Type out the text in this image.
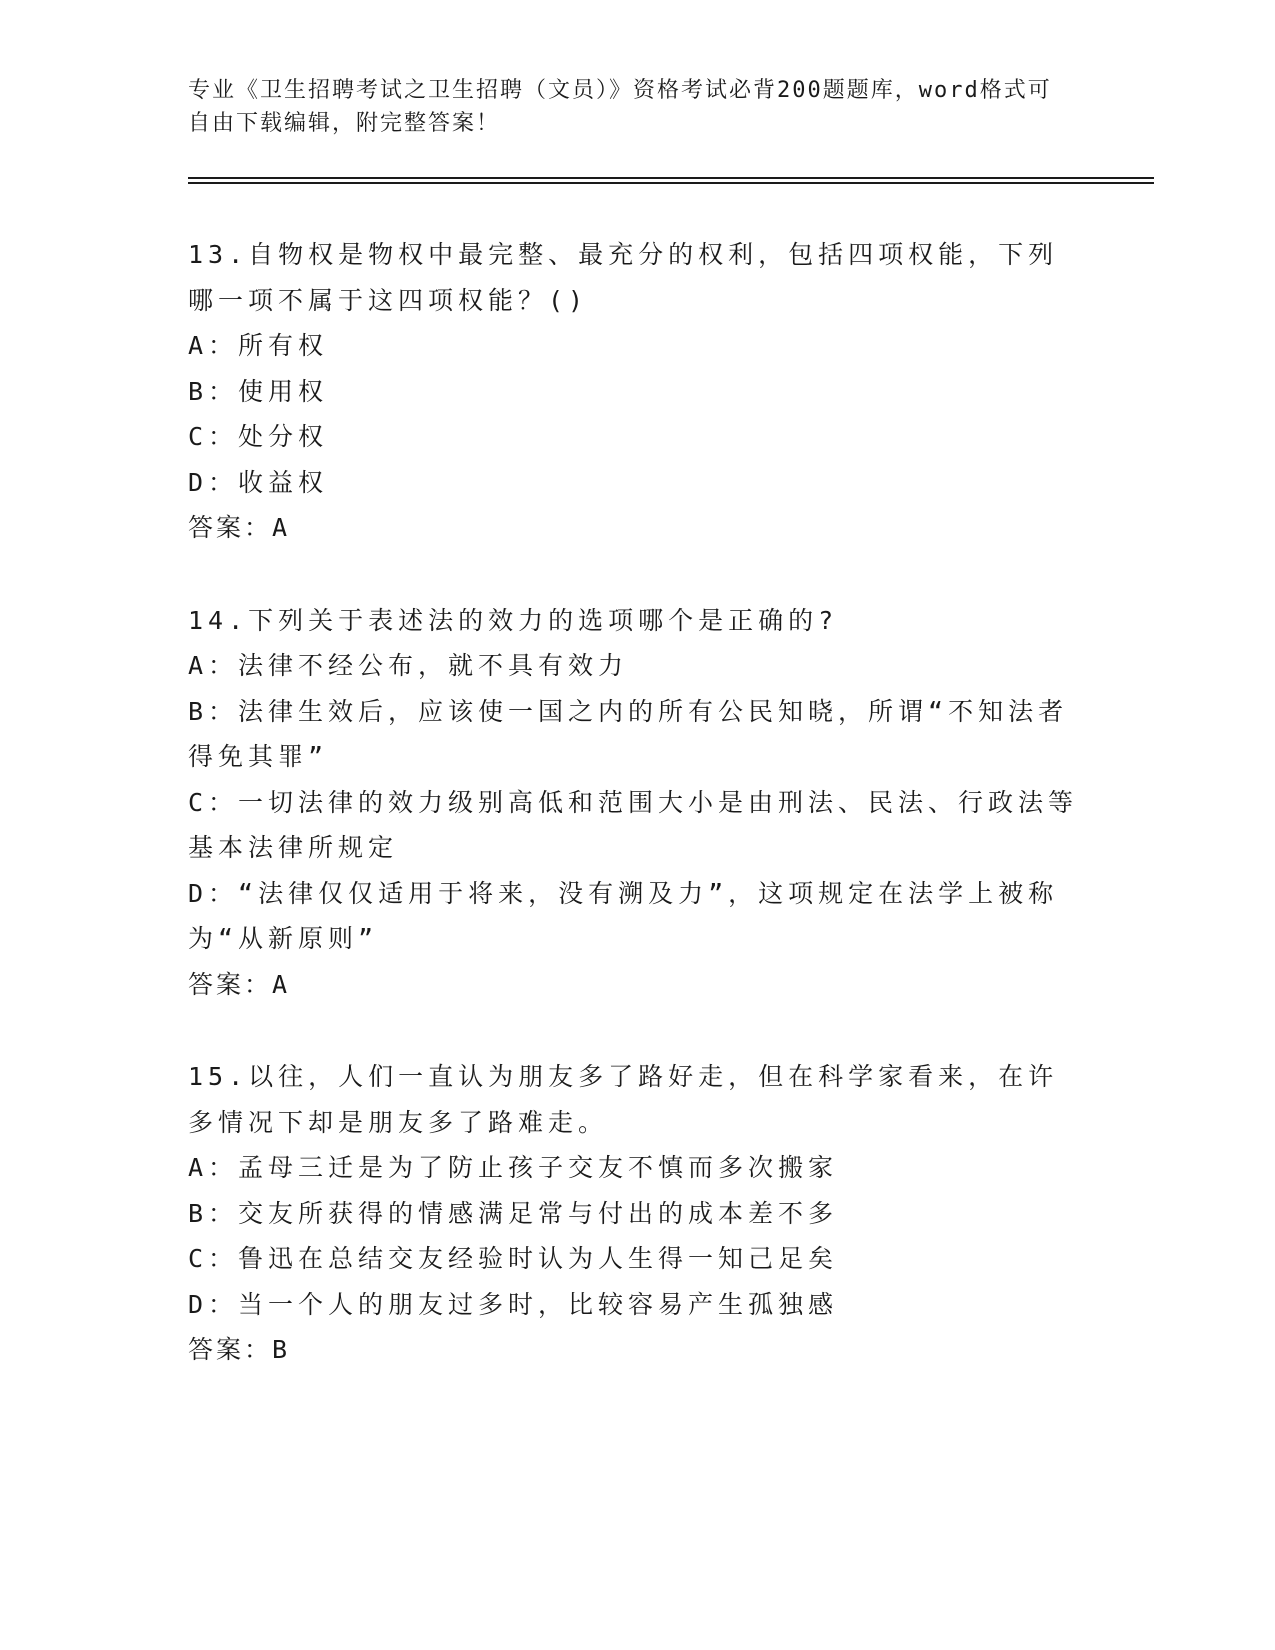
专业《卫生招聘考试之卫生招聘（文员）》资格考试必背200题题库，word格式可自由下载编辑，附完整答案！
13.自物权是物权中最完整、最充分的权利，包括四项权能，下列哪一项不属于这四项权能？()
A：所有权
B：使用权
C：处分权
D：收益权
答案：A
14.下列关于表述法的效力的选项哪个是正确的?
A：法律不经公布，就不具有效力
B：法律生效后，应该使一国之内的所有公民知晓，所谓“不知法者得免其罪”
C：一切法律的效力级别高低和范围大小是由刑法、民法、行政法等基本法律所规定
D：“法律仅仅适用于将来，没有溯及力”，这项规定在法学上被称为“从新原则”
答案：A
15.以往，人们一直认为朋友多了路好走，但在科学家看来，在许多情况下却是朋友多了路难走。
A：孟母三迁是为了防止孩子交友不慎而多次搬家
B：交友所获得的情感满足常与付出的成本差不多
C：鲁迅在总结交友经验时认为人生得一知己足矣
D：当一个人的朋友过多时，比较容易产生孤独感
答案：B
